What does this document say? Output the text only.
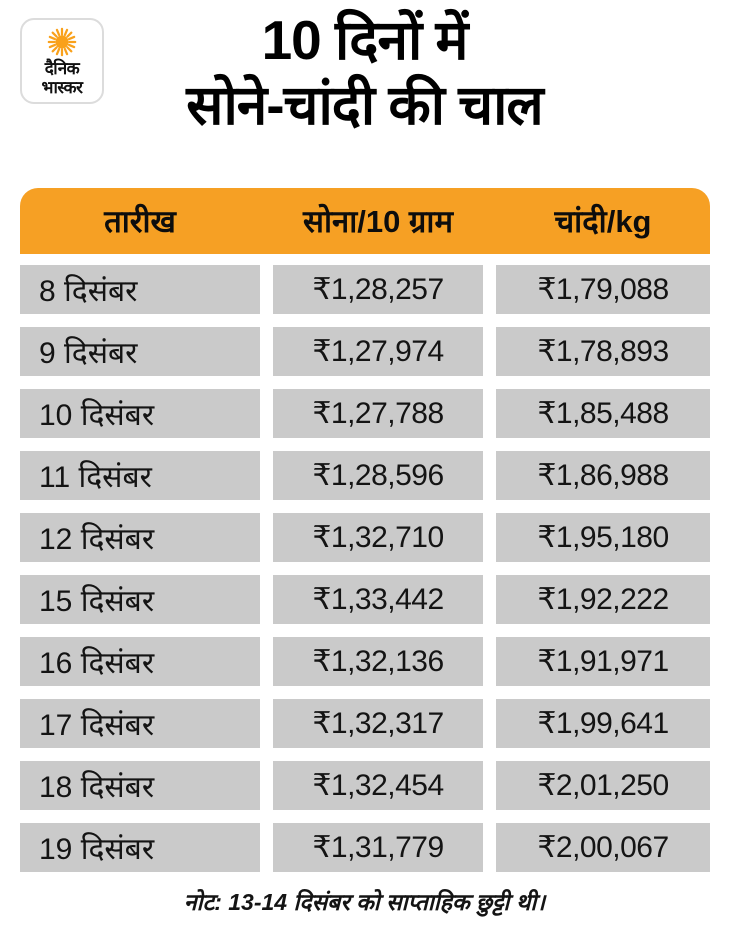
दैनिक
भास्कर
10 दिनों में
सोने-चांदी की चाल
तारीख	सोना/10 ग्राम	चांदी/kg
8 दिसंबर	₹1,28,257	₹1,79,088
9 दिसंबर	₹1,27,974	₹1,78,893
10 दिसंबर	₹1,27,788	₹1,85,488
11 दिसंबर	₹1,28,596	₹1,86,988
12 दिसंबर	₹1,32,710	₹1,95,180
15 दिसंबर	₹1,33,442	₹1,92,222
16 दिसंबर	₹1,32,136	₹1,91,971
17 दिसंबर	₹1,32,317	₹1,99,641
18 दिसंबर	₹1,32,454	₹2,01,250
19 दिसंबर	₹1,31,779	₹2,00,067
नोट: 13-14 दिसंबर को साप्ताहिक छुट्टी थी।
